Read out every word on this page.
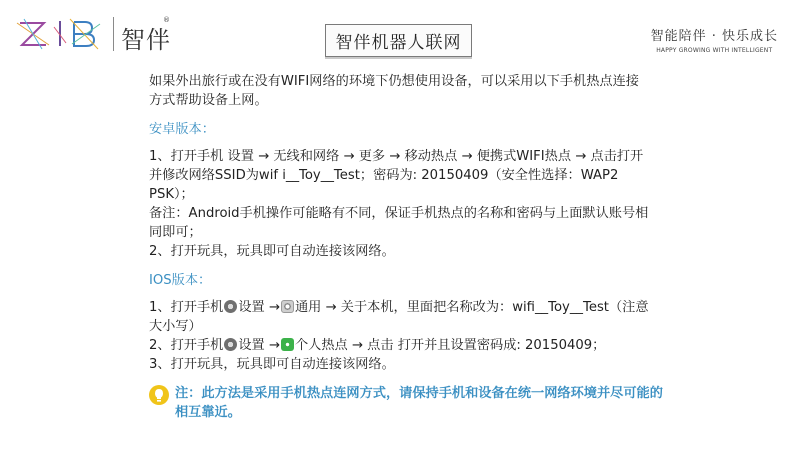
智伴
®
智伴机器人联网	智能陪伴 · 快乐成长
HAPPY GROWING WITH INTELLIGENT

如果外出旅行或在没有WIFI网络的环境下仍想使用设备，可以采用以下手机热点连接方式帮助设备上网。

安卓版本：

1、打开手机 设置 → 无线和网络 → 更多 → 移动热点 → 便携式WIFI热点 → 点击打开 并修改网络SSID为wif i__Toy__Test；密码为: 20150409（安全性选择：WAP2 PSK）；

备注：Android手机操作可能略有不同，保证手机热点的名称和密码与上面默认账号相同即可；

2、打开玩具，玩具即可自动连接该网络。

IOS版本：

1、打开手机 设置 → 通用 → 关于本机，里面把名称改为：wifi__Toy__Test（注意大小写）

2、打开手机 设置 → 个人热点 → 点击 打开并且设置密码成: 20150409；

3、打开玩具，玩具即可自动连接该网络。

注：此方法是采用手机热点连网方式，请保持手机和设备在统一网络环境并尽可能的相互靠近。
